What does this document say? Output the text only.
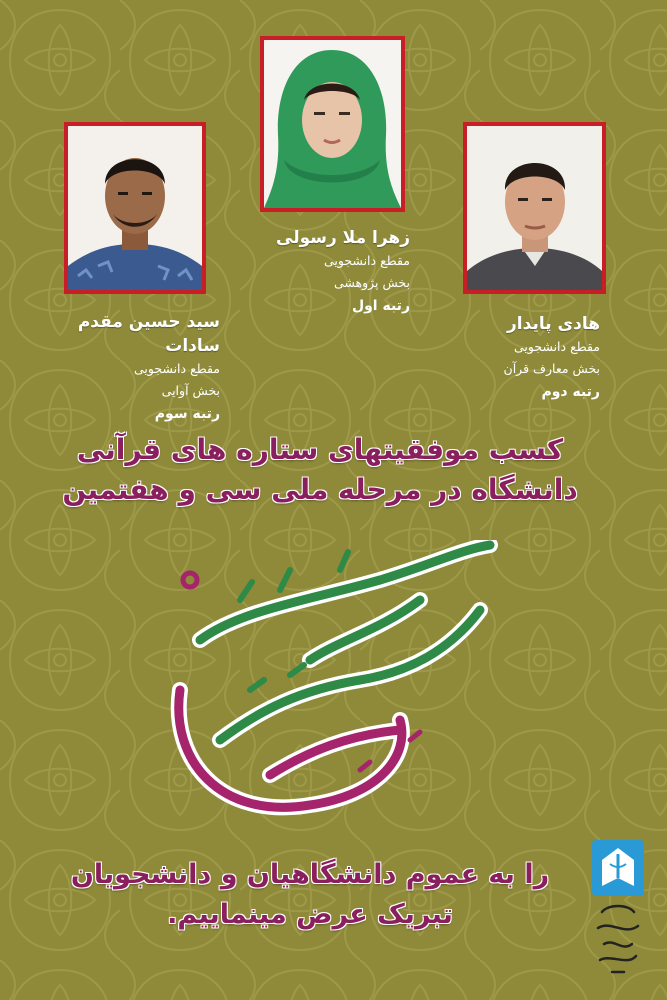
زهرا ملا رسولی
مقطع دانشجویی
بخش پژوهشی
رتبه اول
سید حسین مقدم سادات
مقطع دانشجویی
بخش آوایی
رتبه سوم
هادی پایدار
مقطع دانشجویی
بخش معارف قرآن
رتبه دوم
کسب موفقیتهای ستاره های قرآنی
دانشگاه در مرحله ملی سی و هفتمین
را به عموم دانشگاهیان و دانشجویان
تبریک عرض مینماییم.
